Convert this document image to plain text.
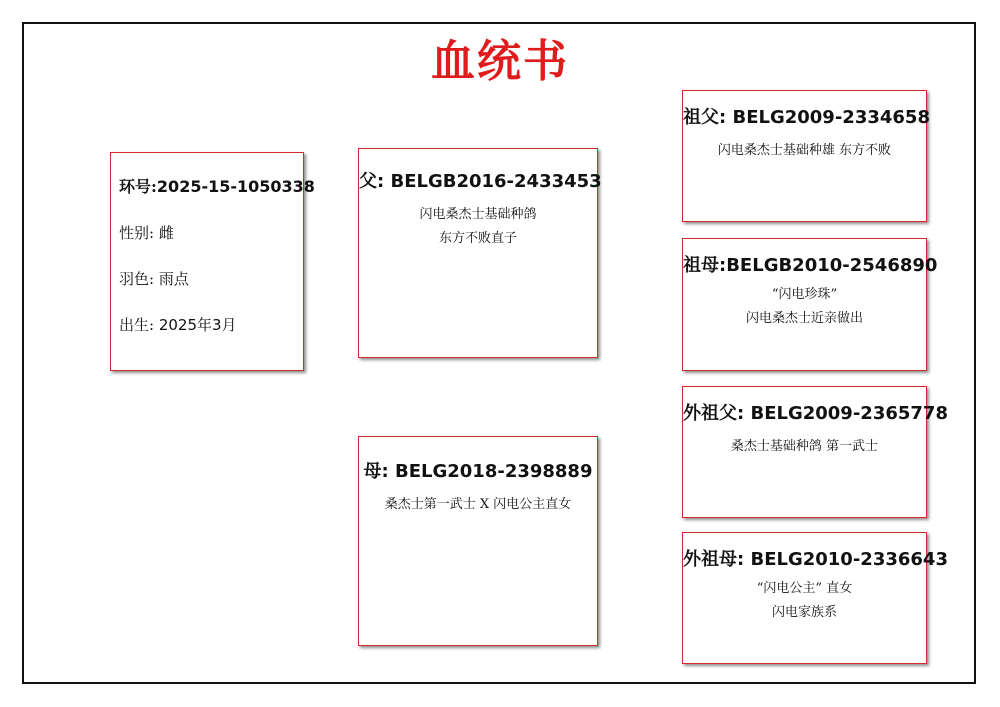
血统书
环号:2025-15-1050338
性别: 雌
羽色: 雨点
出生: 2025年3月
父: BELGB2016-2433453
闪电桑杰士基础种鸽
东方不败直子
母: BELG2018-2398889
桑杰士第一武士 X 闪电公主直女
祖父: BELG2009-2334658
闪电桑杰士基础种雄 东方不败
祖母:BELGB2010-2546890
“闪电珍珠”
闪电桑杰士近亲做出
外祖父: BELG2009-2365778
桑杰士基础种鸽 第一武士
外祖母: BELG2010-2336643
“闪电公主” 直女
闪电家族系
